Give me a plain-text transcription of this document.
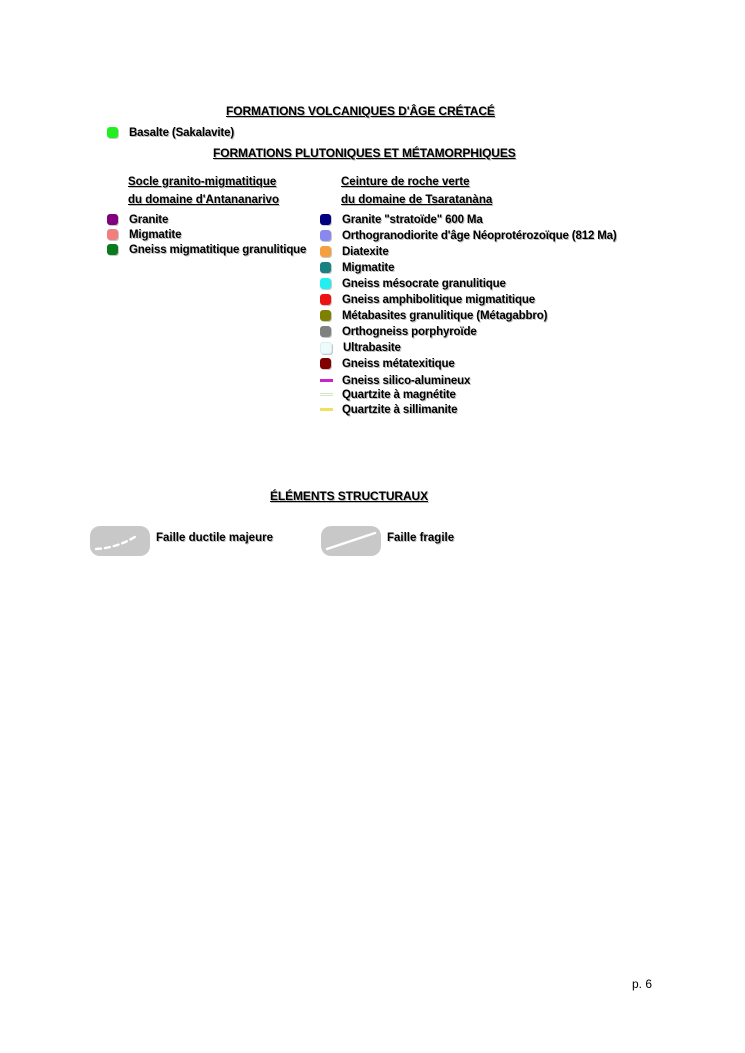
FORMATIONS VOLCANIQUES D'ÂGE CRÉTACÉ
Basalte (Sakalavite)
FORMATIONS PLUTONIQUES ET MÉTAMORPHIQUES
Socle granito-migmatitique
du domaine d'Antananarivo
Ceinture de roche verte
du domaine de Tsaratanàna
Granite
Migmatite
Gneiss migmatitique granulitique
Granite "stratoïde" 600 Ma
Orthogranodiorite d'âge Néoprotérozoïque (812 Ma)
Diatexite
Migmatite
Gneiss mésocrate granulitique
Gneiss amphibolitique migmatitique
Métabasites granulitique (Métagabbro)
Orthogneiss porphyroïde
Ultrabasite
Gneiss métatexitique
Gneiss silico-alumineux
Quartzite à magnétite
Quartzite à sillimanite
ÉLÉMENTS STRUCTURAUX
Faille ductile majeure	Faille fragile
p. 6
